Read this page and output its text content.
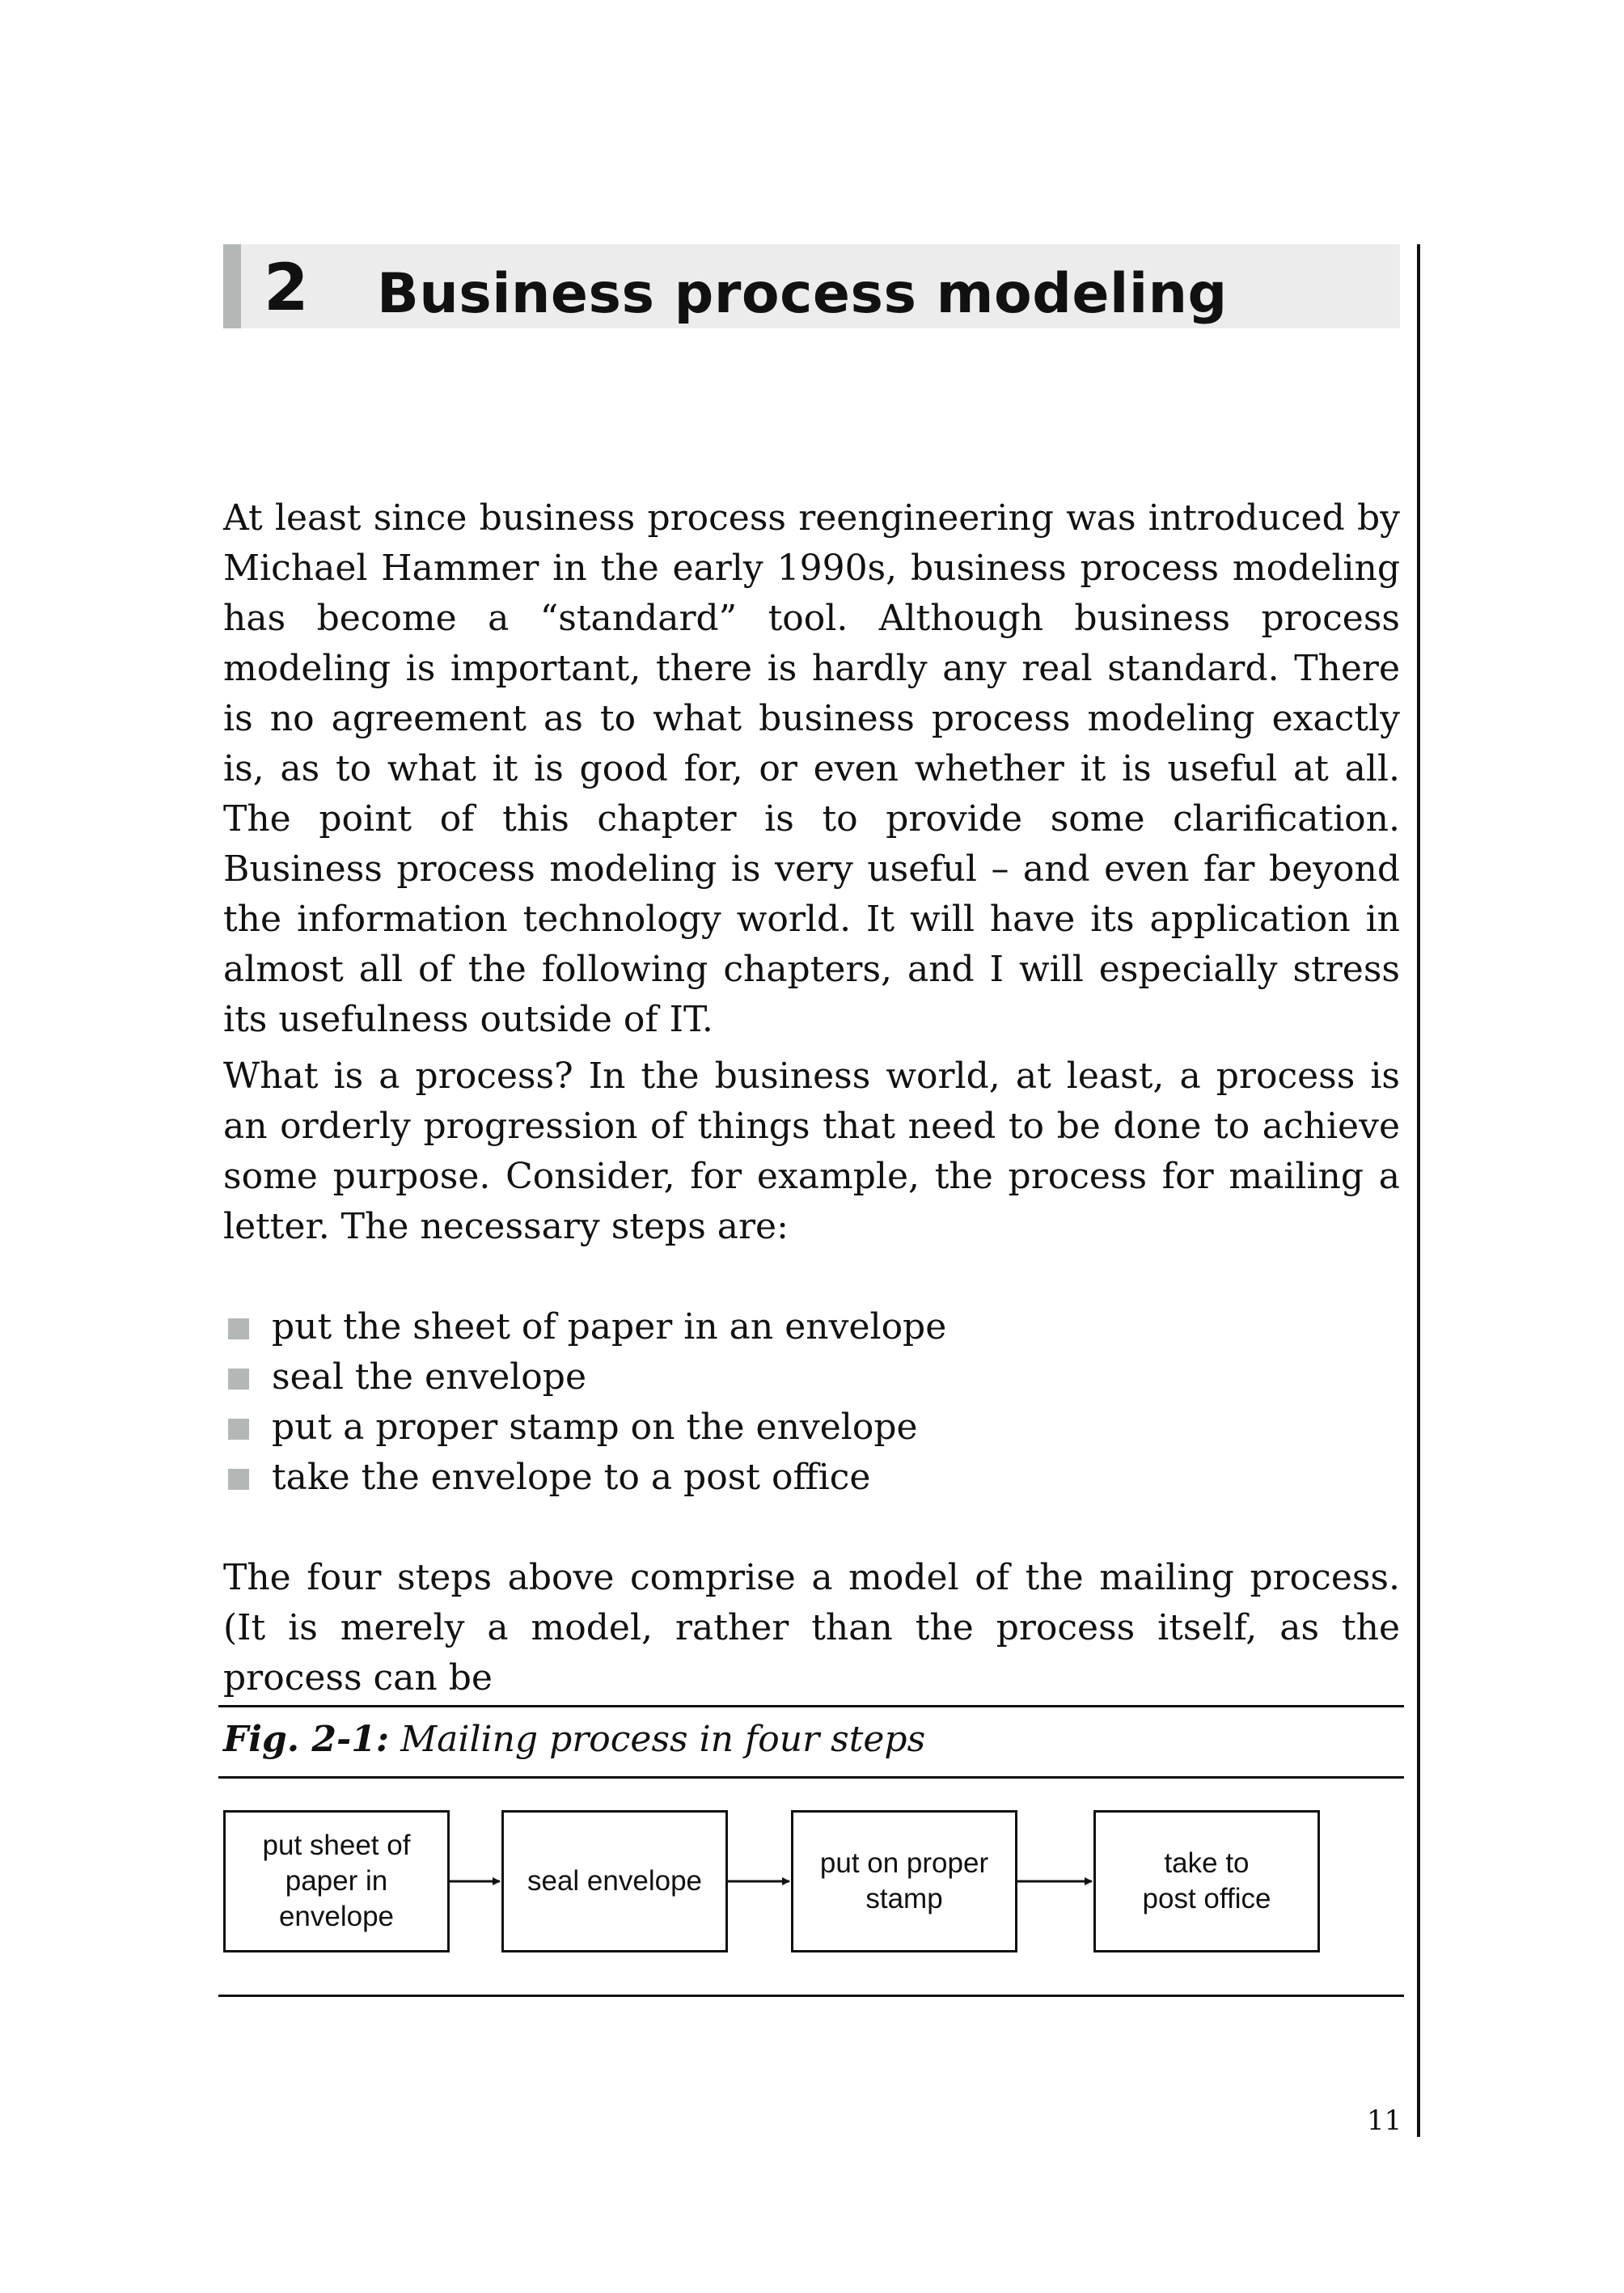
2 Business process modeling

At least since business process reengineering was introduced by Michael Hammer in the early 1990s, business process modeling has become a “standard” tool. Although business process modeling is important, there is hardly any real standard. There is no agreement as to what business process modeling exactly is, as to what it is good for, or even whether it is useful at all. The point of this chapter is to provide some clarification. Business process modeling is very useful – and even far beyond the information technology world. It will have its application in almost all of the following chapters, and I will especially stress its usefulness outside of IT.

What is a process? In the business world, at least, a process is an orderly progression of things that need to be done to achieve some purpose. Consider, for example, the process for mailing a letter. The necessary steps are:

put the sheet of paper in an envelope
seal the envelope
put a proper stamp on the envelope
take the envelope to a post office

The four steps above comprise a model of the mailing process. (It is merely a model, rather than the process itself, as the process can be

Fig. 2-1: Mailing process in four steps

put sheet of
paper in
envelope
seal envelope
put on proper
stamp
take to
post office
11
